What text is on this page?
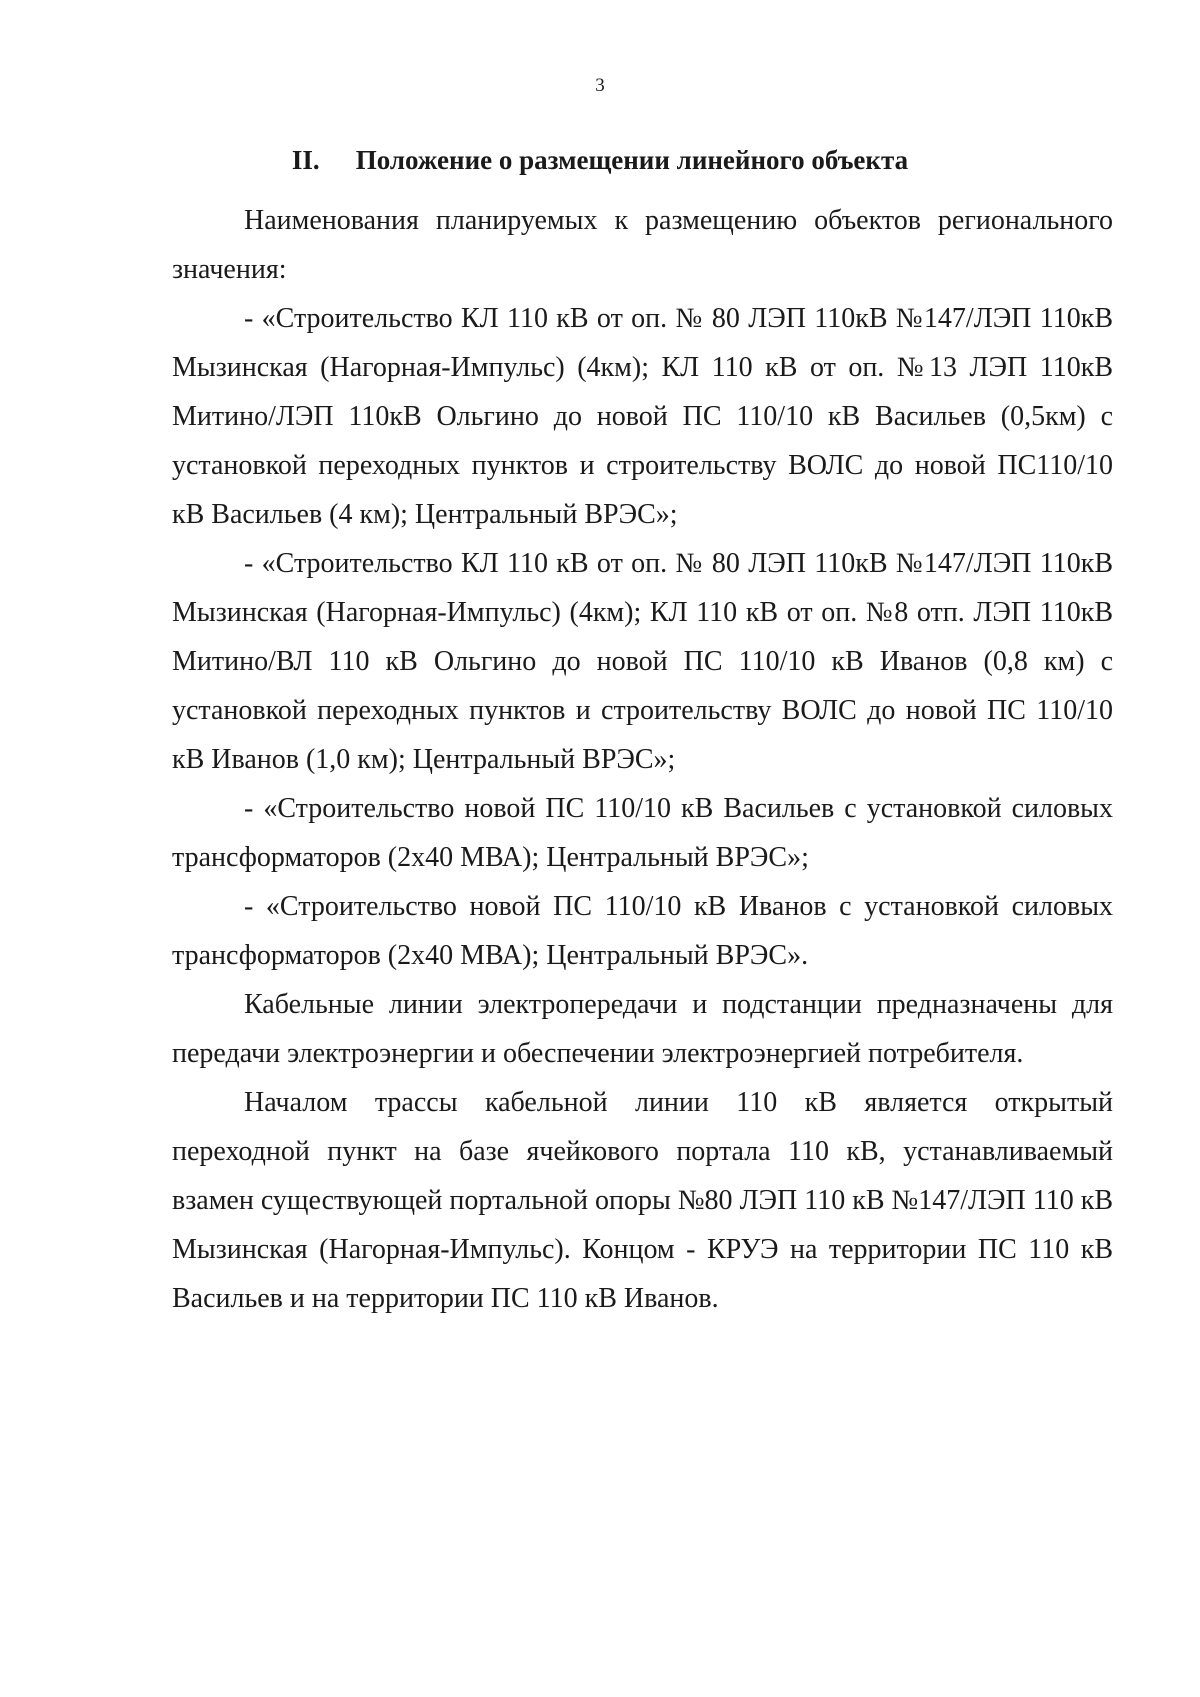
3
II. Положение о размещении линейного объекта

Наименования планируемых к размещению объектов регионального значения:

- «Строительство КЛ 110 кВ от оп. № 80 ЛЭП 110кВ №147/ЛЭП 110кВ Мызинская (Нагорная-Импульс) (4км); КЛ 110 кВ от оп. №13 ЛЭП 110кВ Митино/ЛЭП 110кВ Ольгино до новой ПС 110/10 кВ Васильев (0,5км) с установкой переходных пунктов и строительству ВОЛС до новой ПС110/10 кВ Васильев (4 км); Центральный ВРЭС»;

- «Строительство КЛ 110 кВ от оп. № 80 ЛЭП 110кВ №147/ЛЭП 110кВ Мызинская (Нагорная-Импульс) (4км); КЛ 110 кВ от оп. №8 отп. ЛЭП 110кВ Митино/ВЛ 110 кВ Ольгино до новой ПС 110/10 кВ Иванов (0,8 км) с установкой переходных пунктов и строительству ВОЛС до новой ПС 110/10 кВ Иванов (1,0 км); Центральный ВРЭС»;

- «Строительство новой ПС 110/10 кВ Васильев с установкой силовых трансформаторов (2х40 МВА); Центральный ВРЭС»;

- «Строительство новой ПС 110/10 кВ Иванов с установкой силовых трансформаторов (2х40 МВА); Центральный ВРЭС».

Кабельные линии электропередачи и подстанции предназначены для передачи электроэнергии и обеспечении электроэнергией потребителя.

Началом трассы кабельной линии 110 кВ является открытый переходной пункт на базе ячейкового портала 110 кВ, устанавливаемый взамен существующей портальной опоры №80 ЛЭП 110 кВ №147/ЛЭП 110 кВ Мызинская (Нагорная-Импульс). Концом - КРУЭ на территории ПС 110 кВ Васильев и на территории ПС 110 кВ Иванов.
